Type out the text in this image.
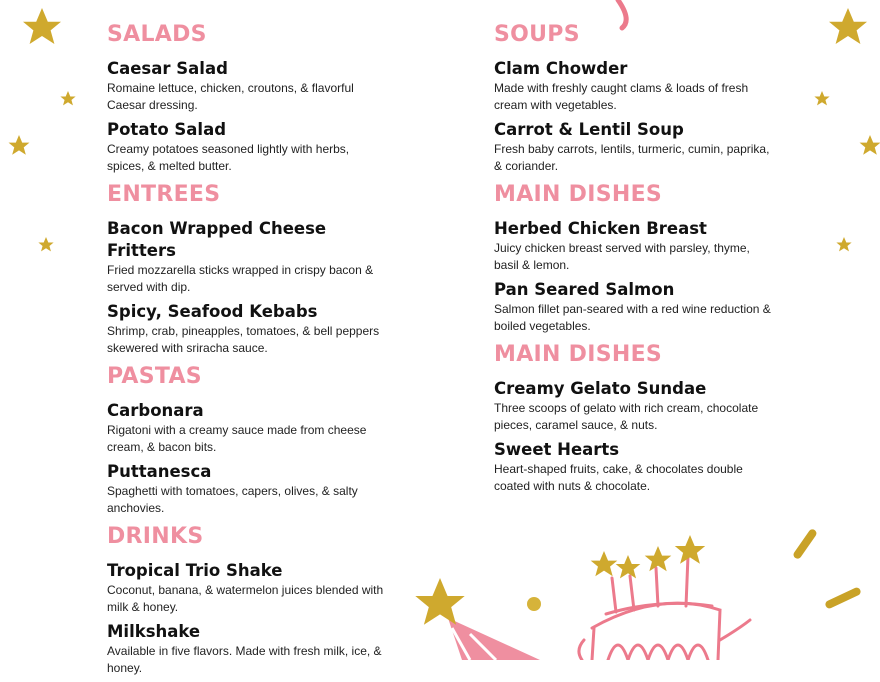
SALADS
Caesar Salad
Romaine lettuce, chicken, croutons, & flavorful Caesar dressing.
Potato Salad
Creamy potatoes seasoned lightly with herbs, spices, & melted butter.
ENTREES
Bacon Wrapped Cheese Fritters
Fried mozzarella sticks wrapped in crispy bacon & served with dip.
Spicy, Seafood Kebabs
Shrimp, crab, pineapples, tomatoes, & bell peppers skewered with sriracha sauce.
PASTAS
Carbonara
Rigatoni with a creamy sauce made from cheese cream, & bacon bits.
Puttanesca
Spaghetti with tomatoes, capers, olives, & salty anchovies.
DRINKS
Tropical Trio Shake
Coconut, banana, & watermelon juices blended with milk & honey.
Milkshake
Available in five flavors. Made with fresh milk, ice, & honey.
SOUPS
Clam Chowder
Made with freshly caught clams & loads of fresh cream with vegetables.
Carrot & Lentil Soup
Fresh baby carrots, lentils, turmeric, cumin, paprika, & coriander.
MAIN DISHES
Herbed Chicken Breast
Juicy chicken breast served with parsley, thyme, basil & lemon.
Pan Seared Salmon
Salmon fillet pan-seared with a red wine reduction & boiled vegetables.
MAIN DISHES
Creamy Gelato Sundae
Three scoops of gelato with rich cream, chocolate pieces, caramel sauce, & nuts.
Sweet Hearts
Heart-shaped fruits, cake, & chocolates double coated with nuts & chocolate.
